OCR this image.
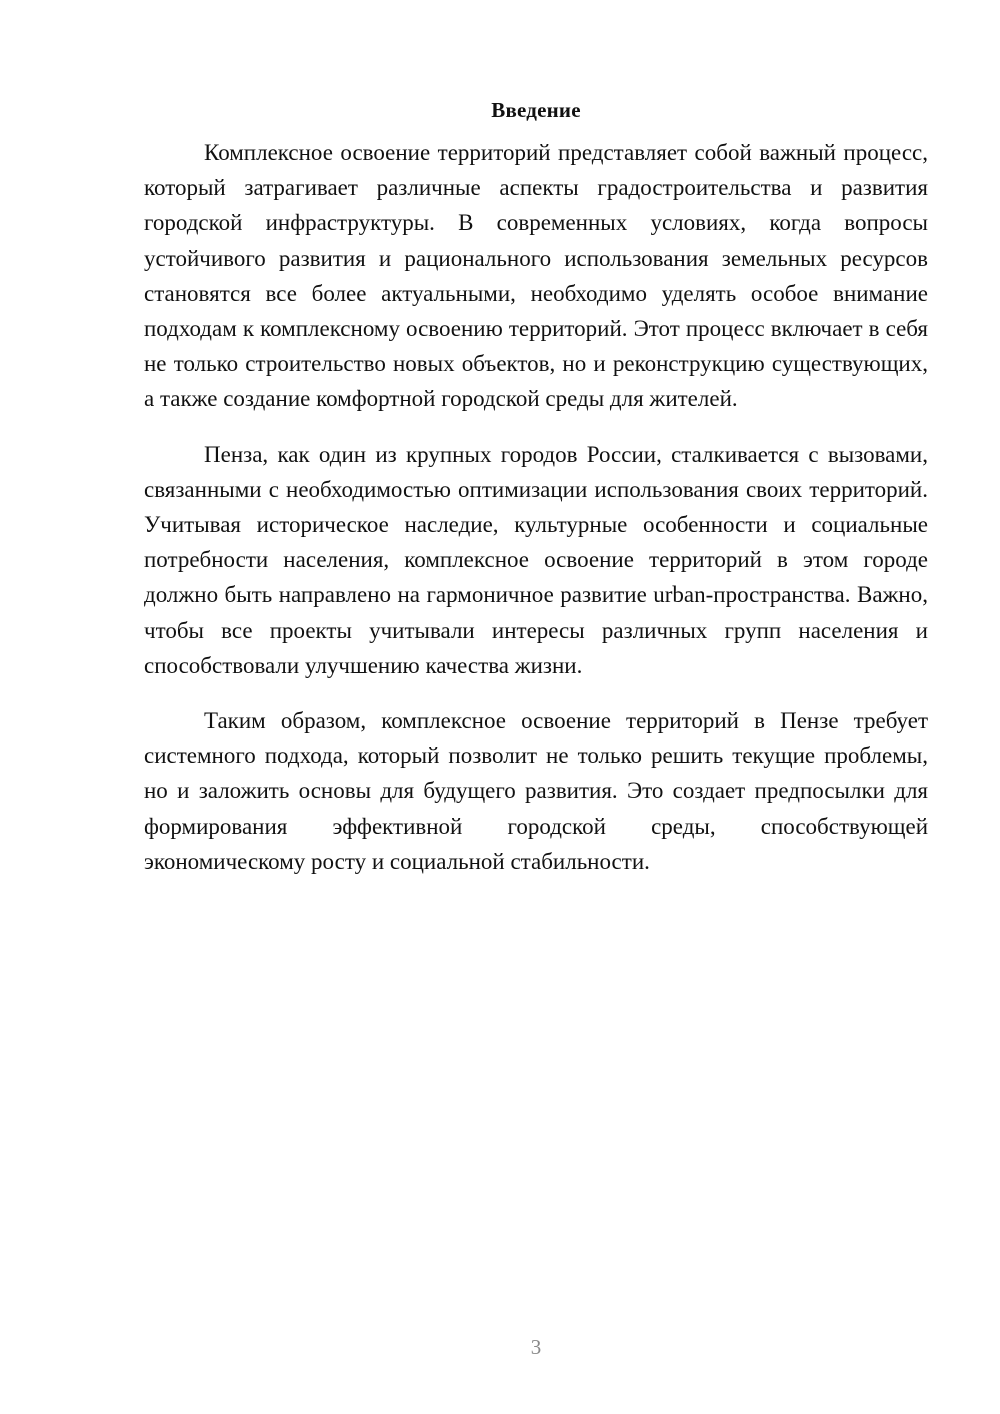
Введение

Комплексное освоение территорий представляет собой важный процесс, который затрагивает различные аспекты градостроительства и развития городской инфраструктуры. В современных условиях, когда вопросы устойчивого развития и рационального использования земельных ресурсов становятся все более актуальными, необходимо уделять особое внимание подходам к комплексному освоению территорий. Этот процесс включает в себя не только строительство новых объектов, но и реконструкцию существующих, а также создание комфортной городской среды для жителей.

Пенза, как один из крупных городов России, сталкивается с вызовами, связанными с необходимостью оптимизации использования своих территорий. Учитывая историческое наследие, культурные особенности и социальные потребности населения, комплексное освоение территорий в этом городе должно быть направлено на гармоничное развитие urban-пространства. Важно, чтобы все проекты учитывали интересы различных групп населения и способствовали улучшению качества жизни.

Таким образом, комплексное освоение территорий в Пензе требует системного подхода, который позволит не только решить текущие проблемы, но и заложить основы для будущего развития. Это создает предпосылки для формирования эффективной городской среды, способствующей экономическому росту и социальной стабильности.

3
